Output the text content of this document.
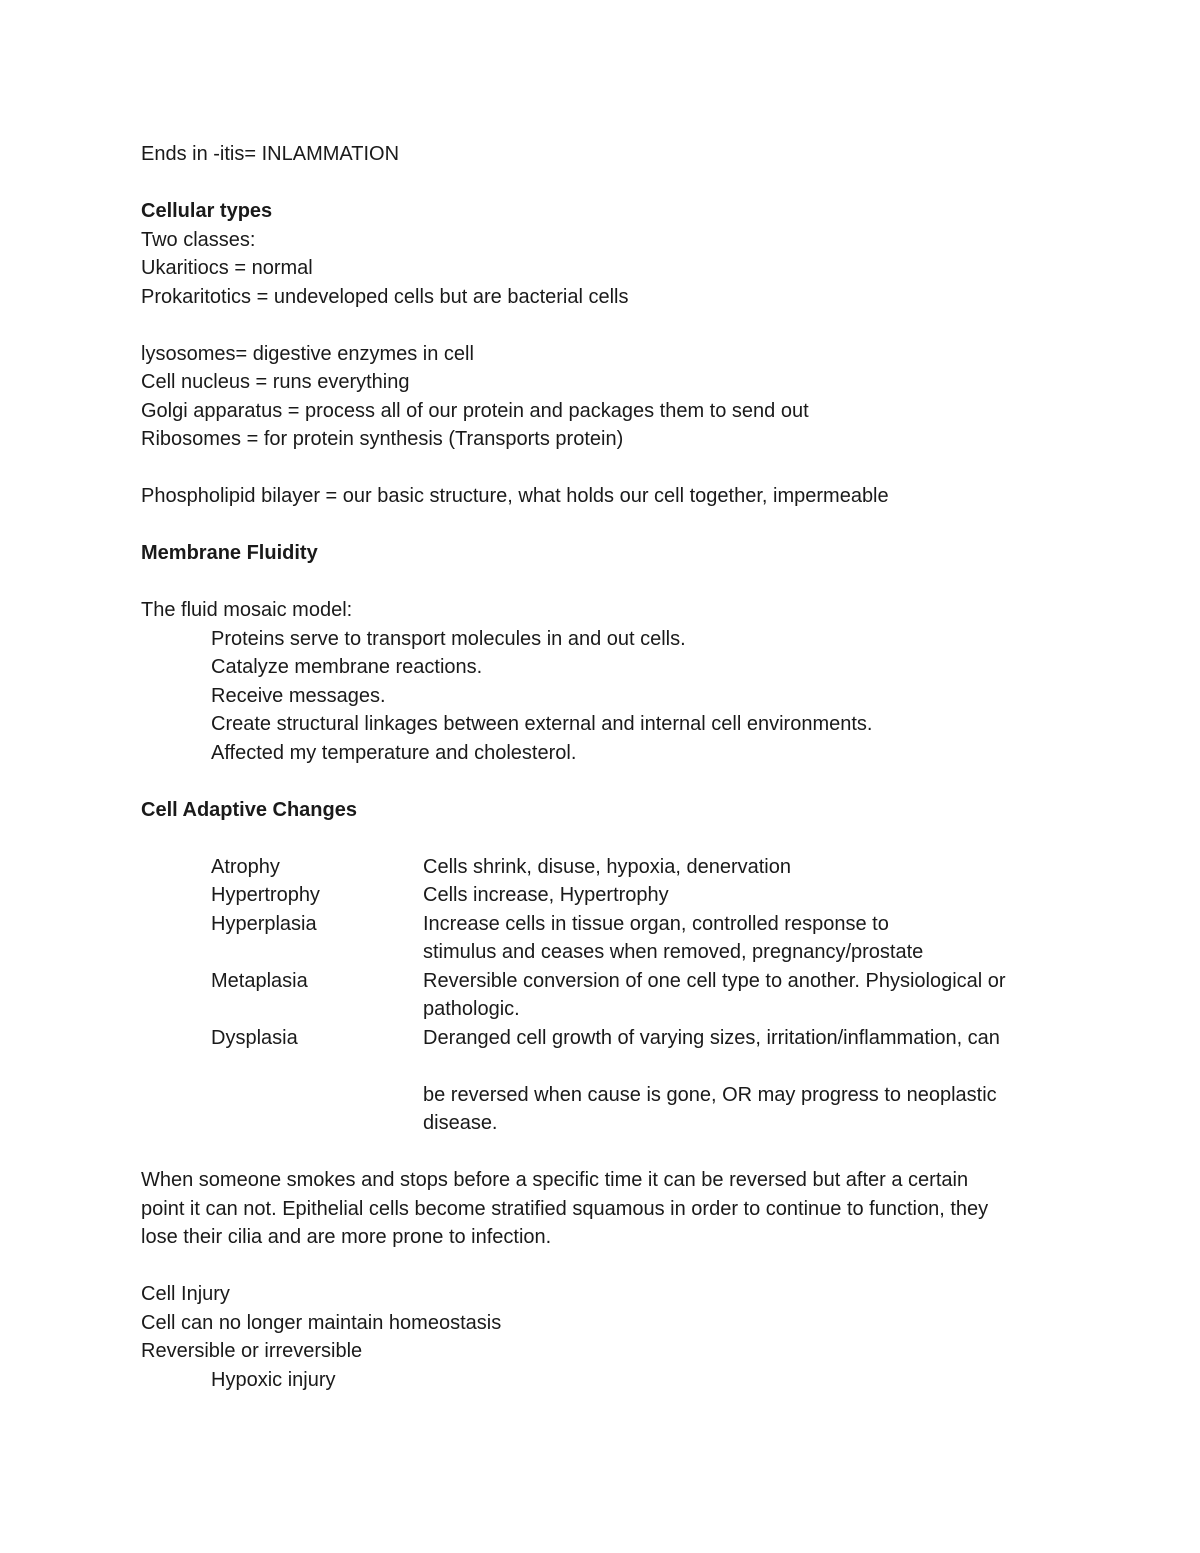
Ends in -itis= INLAMMATION
Cellular types
Two classes:
Ukaritiocs = normal
Prokaritotics = undeveloped cells but are bacterial cells
lysosomes= digestive enzymes in cell
Cell nucleus = runs everything
Golgi apparatus = process all of our protein and packages them to send out
Ribosomes = for protein synthesis (Transports protein)
Phospholipid bilayer = our basic structure, what holds our cell together, impermeable
Membrane Fluidity
The fluid mosaic model:
Proteins serve to transport molecules in and out cells.
Catalyze membrane reactions.
Receive messages.
Create structural linkages between external and internal cell environments.
Affected my temperature and cholesterol.
Cell Adaptive Changes
Atrophy	Cells shrink, disuse, hypoxia, denervation
Hypertrophy	Cells increase, Hypertrophy
Hyperplasia	Increase cells in tissue organ, controlled response to
stimulus and ceases when removed, pregnancy/prostate
Metaplasia	Reversible conversion of one cell type to another. Physiological or
pathologic.
Dysplasia	Deranged cell growth of varying sizes, irritation/inflammation, can
be reversed when cause is gone, OR may progress to neoplastic
disease.
When someone smokes and stops before a specific time it can be reversed but after a certain
point it can not. Epithelial cells become stratified squamous in order to continue to function, they
lose their cilia and are more prone to infection.
Cell Injury
Cell can no longer maintain homeostasis
Reversible or irreversible
Hypoxic injury
